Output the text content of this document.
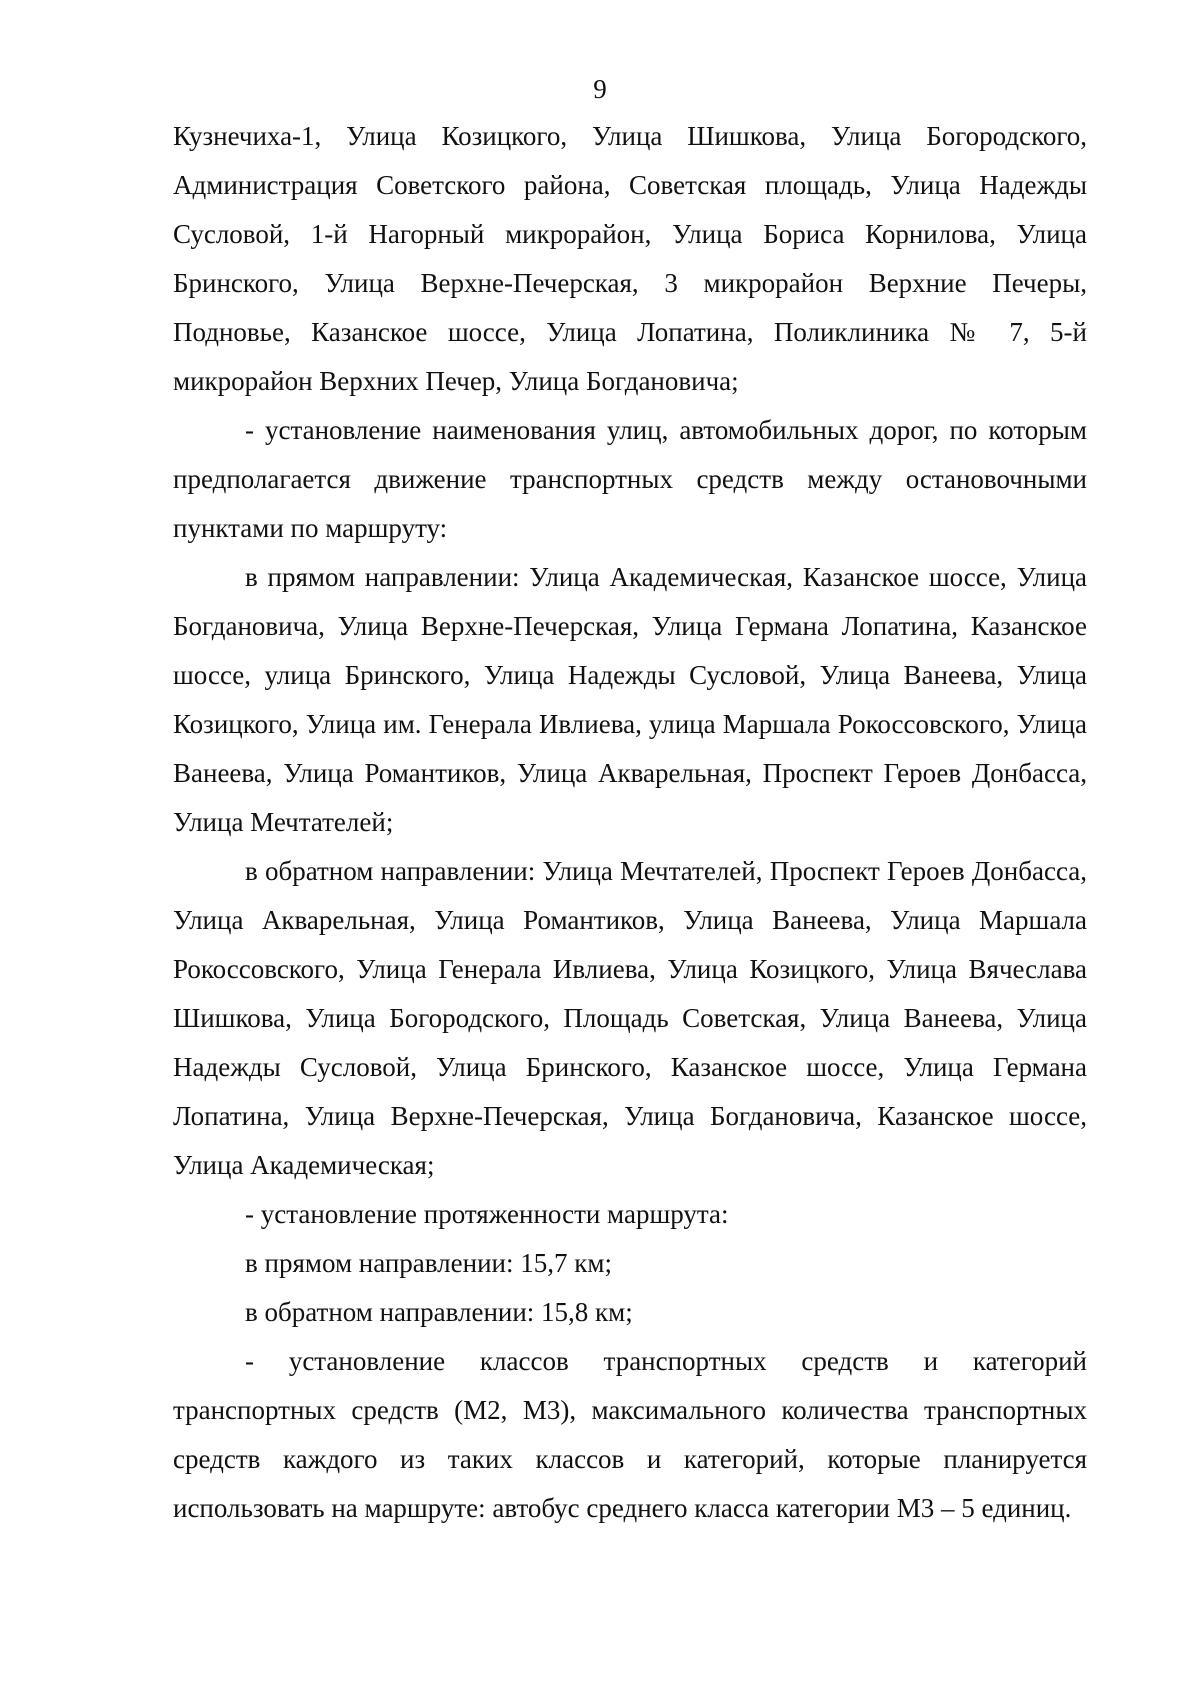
9

Кузнечиха-1, Улица Козицкого, Улица Шишкова, Улица Богородского, Администрация Советского района, Советская площадь, Улица Надежды Сусловой, 1-й Нагорный микрорайон, Улица Бориса Корнилова, Улица Бринского, Улица Верхне-Печерская, 3 микрорайон Верхние Печеры, Подновье, Казанское шоссе, Улица Лопатина, Поликлиника № 7, 5-й микрорайон Верхних Печер, Улица Богдановича;

- установление наименования улиц, автомобильных дорог, по которым предполагается движение транспортных средств между остановочными пунктами по маршруту:

в прямом направлении: Улица Академическая, Казанское шоссе, Улица Богдановича, Улица Верхне-Печерская, Улица Германа Лопатина, Казанское шоссе, улица Бринского, Улица Надежды Сусловой, Улица Ванеева, Улица Козицкого, Улица им. Генерала Ивлиева, улица Маршала Рокоссовского, Улица Ванеева, Улица Романтиков, Улица Акварельная, Проспект Героев Донбасса, Улица Мечтателей;

в обратном направлении: Улица Мечтателей, Проспект Героев Донбасса, Улица Акварельная, Улица Романтиков, Улица Ванеева, Улица Маршала Рокоссовского, Улица Генерала Ивлиева, Улица Козицкого, Улица Вячеслава Шишкова, Улица Богородского, Площадь Советская, Улица Ванеева, Улица Надежды Сусловой, Улица Бринского, Казанское шоссе, Улица Германа Лопатина, Улица Верхне-Печерская, Улица Богдановича, Казанское шоссе, Улица Академическая;

- установление протяженности маршрута:

в прямом направлении: 15,7 км;

в обратном направлении: 15,8 км;

- установление классов транспортных средств и категорий транспортных средств (М2, М3), максимального количества транспортных средств каждого из таких классов и категорий, которые планируется использовать на маршруте: автобус среднего класса категории М3 – 5 единиц.
